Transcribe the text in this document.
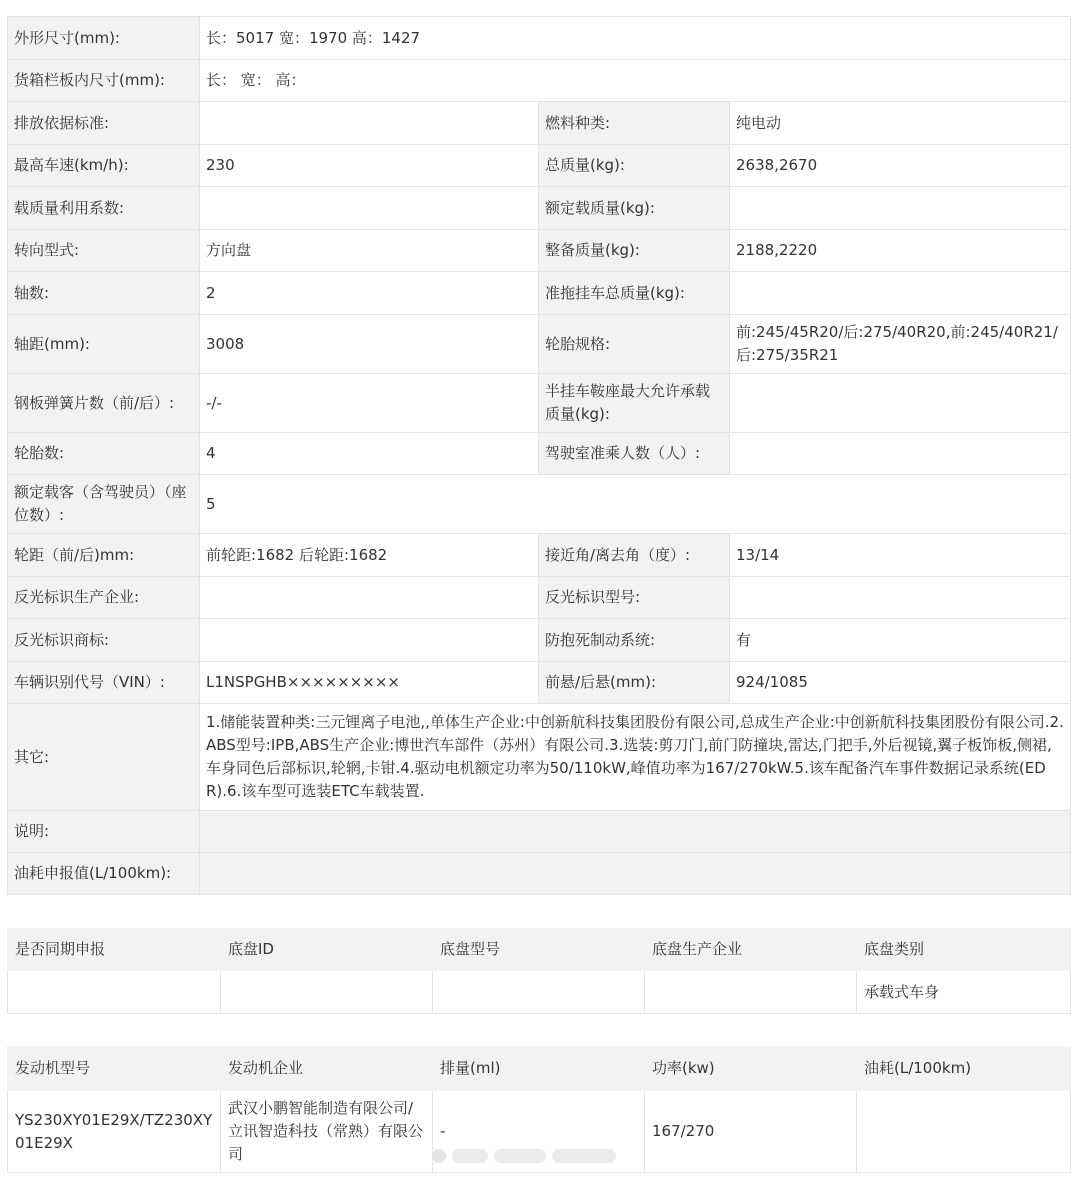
外形尺寸(mm):	长：5017 宽：1970 高：1427		
货箱栏板内尺寸(mm):	长： 宽： 高：		
排放依据标准:		燃料种类:	纯电动
最高车速(km/h):	230	总质量(kg):	2638,2670
载质量利用系数:		额定载质量(kg):	
转向型式:	方向盘	整备质量(kg):	2188,2220
轴数:	2	准拖挂车总质量(kg):	
轴距(mm):	3008	轮胎规格:	前:245/45R20/后:275/40R20,前:245/40R21/后:275/35R21
钢板弹簧片数（前/后）:	-/-	半挂车鞍座最大允许承载质量(kg):	
轮胎数:	4	驾驶室准乘人数（人）:	
额定载客（含驾驶员）（座位数）:	5		
轮距（前/后)mm:	前轮距:1682 后轮距:1682	接近角/离去角（度）:	13/14
反光标识生产企业:		反光标识型号:	
反光标识商标:		防抱死制动系统:	有
车辆识别代号（VIN）:	L1NSPGHB×××××××××	前悬/后悬(mm):	924/1085
其它:	1.储能装置种类:三元锂离子电池,,单体生产企业:中创新航科技集团股份有限公司,总成生产企业:中创新航科技集团股份有限公司.2.ABS型号:IPB,ABS生产企业:博世汽车部件（苏州）有限公司.3.选装:剪刀门,前门防撞块,雷达,门把手,外后视镜,翼子板饰板,侧裙,车身同色后部标识,轮辋,卡钳.4.驱动电机额定功率为50/110kW,峰值功率为167/270kW.5.该车配备汽车事件数据记录系统(EDR).6.该车型可选装ETC车载装置.		
说明:			
油耗申报值(L/100km):			
是否同期申报	底盘ID	底盘型号	底盘生产企业	底盘类别
				承载式车身
发动机型号	发动机企业	排量(ml)	功率(kw)	油耗(L/100km)
YS230XY01E29X/TZ230XY01E29X	武汉小鹏智能制造有限公司/立讯智造科技（常熟）有限公司	-	167/270	
